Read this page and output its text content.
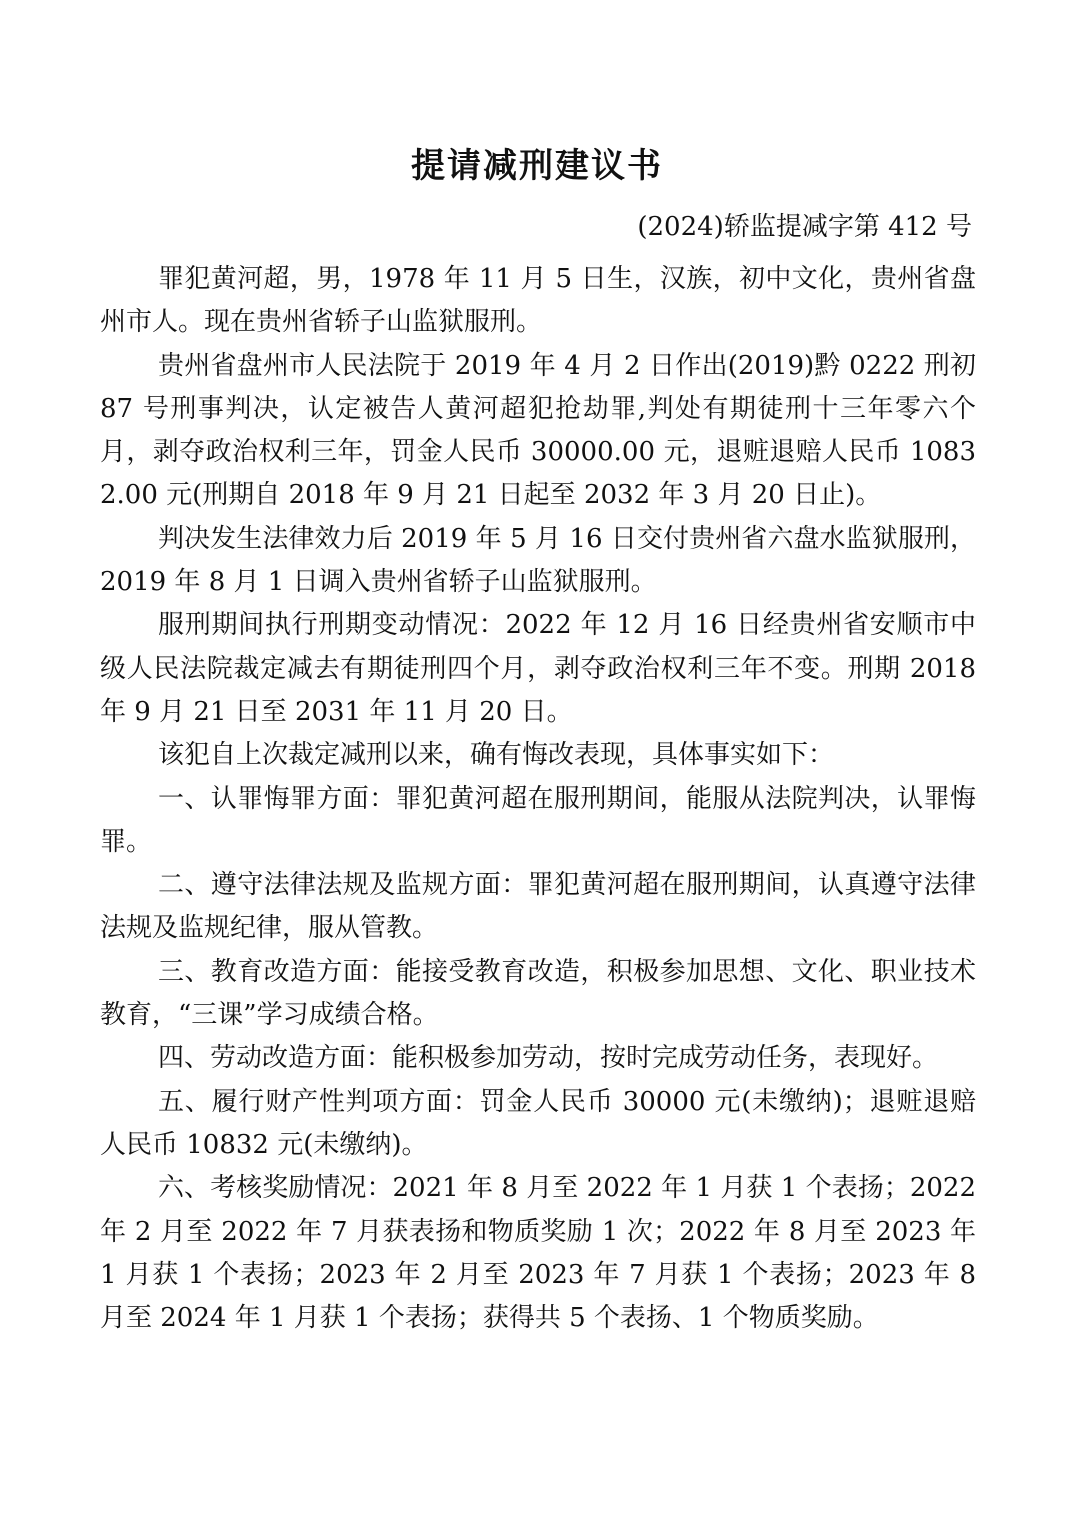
提请减刑建议书
(2024)轿监提减字第 412 号

罪犯黄河超，男，1978 年 11 月 5 日生，汉族，初中文化，贵州省盘州市人。现在贵州省轿子山监狱服刑。

贵州省盘州市人民法院于 2019 年 4 月 2 日作出(2019)黔 0222 刑初 87 号刑事判决，认定被告人黄河超犯抢劫罪,判处有期徒刑十三年零六个月，剥夺政治权利三年，罚金人民币 30000.00 元，退赃退赔人民币 10832.00 元(刑期自 2018 年 9 月 21 日起至 2032 年 3 月 20 日止)。

判决发生法律效力后 2019 年 5 月 16 日交付贵州省六盘水监狱服刑，2019 年 8 月 1 日调入贵州省轿子山监狱服刑。

服刑期间执行刑期变动情况：2022 年 12 月 16 日经贵州省安顺市中级人民法院裁定减去有期徒刑四个月，剥夺政治权利三年不变。刑期 2018 年 9 月 21 日至 2031 年 11 月 20 日。

该犯自上次裁定减刑以来，确有悔改表现，具体事实如下：

一、认罪悔罪方面：罪犯黄河超在服刑期间，能服从法院判决，认罪悔罪。

二、遵守法律法规及监规方面：罪犯黄河超在服刑期间，认真遵守法律法规及监规纪律，服从管教。

三、教育改造方面：能接受教育改造，积极参加思想、文化、职业技术教育，“三课”学习成绩合格。

四、劳动改造方面：能积极参加劳动，按时完成劳动任务，表现好。

五、履行财产性判项方面：罚金人民币 30000 元(未缴纳)；退赃退赔人民币 10832 元(未缴纳)。

六、考核奖励情况：2021 年 8 月至 2022 年 1 月获 1 个表扬；2022 年 2 月至 2022 年 7 月获表扬和物质奖励 1 次；2022 年 8 月至 2023 年 1 月获 1 个表扬；2023 年 2 月至 2023 年 7 月获 1 个表扬；2023 年 8 月至 2024 年 1 月获 1 个表扬；获得共 5 个表扬、1 个物质奖励。
